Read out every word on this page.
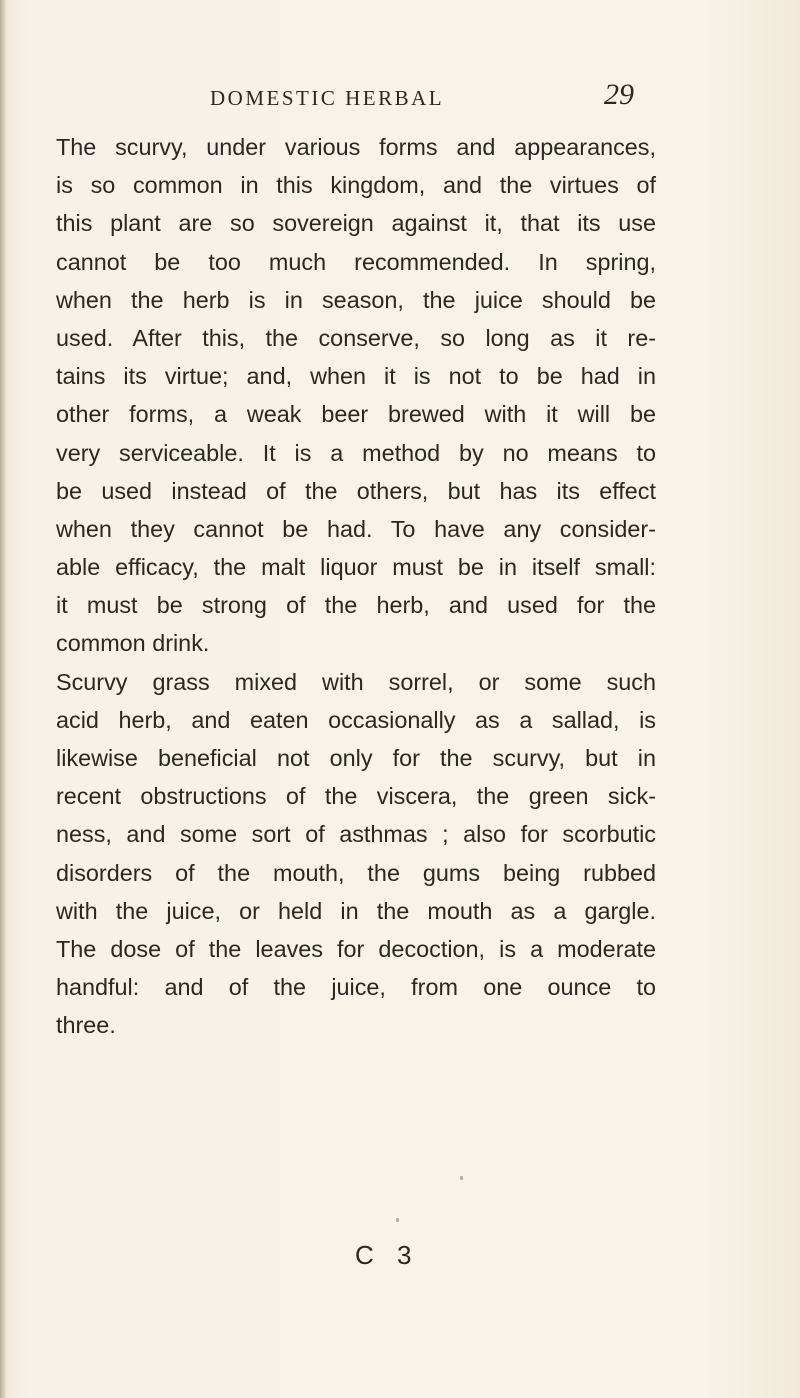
DOMESTIC HERBAL	29
The scurvy, under various forms and appearances,
is so common in this kingdom, and the virtues of
this plant are so sovereign against it, that its use
cannot be too much recommended. In spring,
when the herb is in season, the juice should be
used. After this, the conserve, so long as it re-
tains its virtue; and, when it is not to be had in
other forms, a weak beer brewed with it will be
very serviceable. It is a method by no means to
be used instead of the others, but has its effect
when they cannot be had. To have any consider-
able efficacy, the malt liquor must be in itself small:
it must be strong of the herb, and used for the
common drink.
Scurvy grass mixed with sorrel, or some such
acid herb, and eaten occasionally as a sallad, is
likewise beneficial not only for the scurvy, but in
recent obstructions of the viscera, the green sick-
ness, and some sort of asthmas ; also for scorbutic
disorders of the mouth, the gums being rubbed
with the juice, or held in the mouth as a gargle.
The dose of the leaves for decoction, is a moderate
handful: and of the juice, from one ounce to
three.
C 3
